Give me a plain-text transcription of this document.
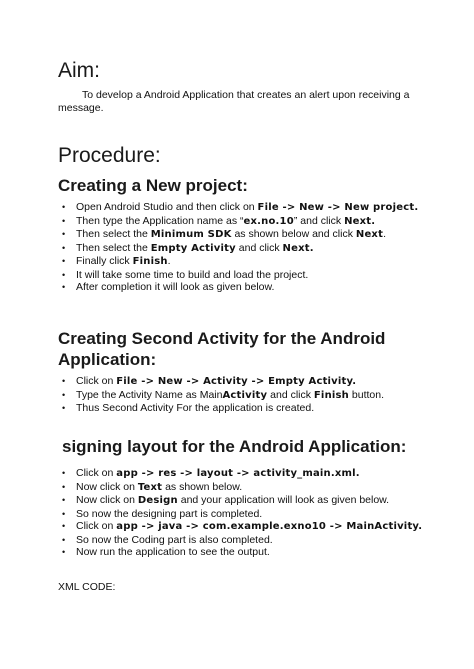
Aim:

To develop a Android Application that creates an alert upon receiving a message.

Procedure:
Creating a New project:
• Open Android Studio and then click on File -> New -> New project.
• Then type the Application name as “ex.no.10” and click Next.
• Then select the Minimum SDK as shown below and click Next.
• Then select the Empty Activity and click Next.
• Finally click Finish.
• It will take some time to build and load the project.
• After completion it will look as given below.
Creating Second Activity for the Android Application:
• Click on File -> New -> Activity -> Empty Activity.
• Type the Activity Name as MainActivity and click Finish button.
• Thus Second Activity For the application is created.
signing layout for the Android Application:
• Click on app -> res -> layout -> activity_main.xml.
• Now click on Text as shown below.
• Now click on Design and your application will look as given below.
• So now the designing part is completed.
• Click on app -> java -> com.example.exno10 -> MainActivity.
• So now the Coding part is also completed.
• Now run the application to see the output.

XML CODE:
